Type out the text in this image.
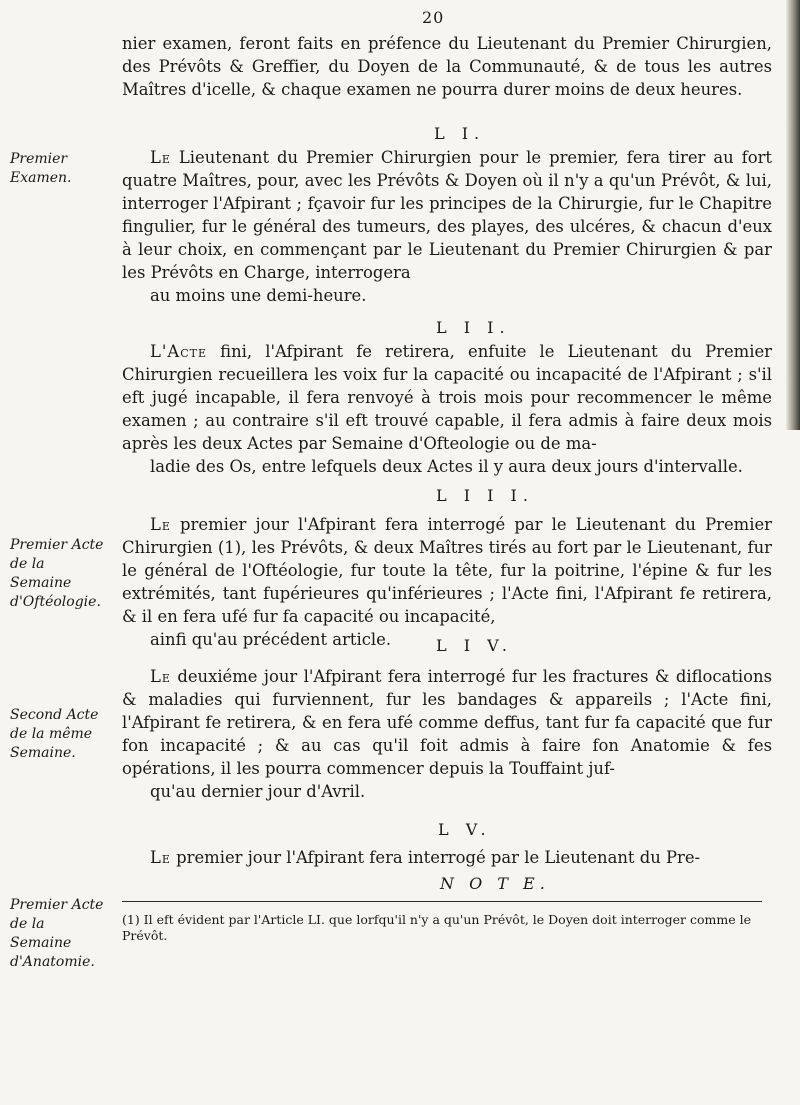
20

nier examen, feront faits en préfence du Lieutenant du Premier Chirurgien, des Prévôts & Greffier, du Doyen de la Communauté, & de tous les autres Maîtres d'icelle, & chaque examen ne pourra durer moins de deux heures.

L I.
Premier Examen.

Le Lieutenant du Premier Chirurgien pour le premier, fera tirer au fort quatre Maîtres, pour, avec les Prévôts & Doyen où il n'y a qu'un Prévôt, & lui, interroger l'Afpirant ; fçavoir fur les principes de la Chirurgie, fur le Chapitre fingulier, fur le général des tumeurs, des playes, des ulcéres, & chacun d'eux à leur choix, en commençant par le Lieutenant du Premier Chirurgien & par les Prévôts en Charge, interrogera
au moins une demi-heure.

L I I.

L'Acte fini, l'Afpirant fe retirera, enfuite le Lieutenant du Premier Chirurgien recueillera les voix fur la capacité ou incapacité de l'Afpirant ; s'il eft jugé incapable, il fera renvoyé à trois mois pour recommencer le même examen ; au contraire s'il eft trouvé capable, il fera admis à faire deux mois après les deux Actes par Semaine d'Ofteologie ou de ma-
ladie des Os, entre lefquels deux Actes il y aura deux jours d'intervalle.

L I I I.
Premier Acte de la Semaine d'Oftéologie.

Le premier jour l'Afpirant fera interrogé par le Lieutenant du Premier Chirurgien (1), les Prévôts, & deux Maîtres tirés au fort par le Lieutenant, fur le général de l'Oftéologie, fur toute la tête, fur la poitrine, l'épine & fur les extrémités, tant fupérieures qu'inférieures ; l'Acte fini, l'Afpirant fe retirera, & il en fera ufé fur fa capacité ou incapacité,
ainfi qu'au précédent article.	L I V.
Second Acte de la même Semaine.

Le deuxiéme jour l'Afpirant fera interrogé fur les fractures & diflocations & maladies qui furviennent, fur les bandages & appareils ; l'Acte fini, l'Afpirant fe retirera, & en fera ufé comme deffus, tant fur fa capacité que fur fon incapacité ; & au cas qu'il foit admis à faire fon Anatomie & fes opérations, il les pourra commencer depuis la Touffaint juf-
qu'au dernier jour d'Avril.

L V.
Premier Acte de la Semaine d'Anatomie.

Le premier jour l'Afpirant fera interrogé par le Lieutenant du Pre-

N O T E.

(1) Il eft évident par l'Article LI. que lorfqu'il n'y a qu'un Prévôt, le Doyen doit interroger comme le Prévôt.
